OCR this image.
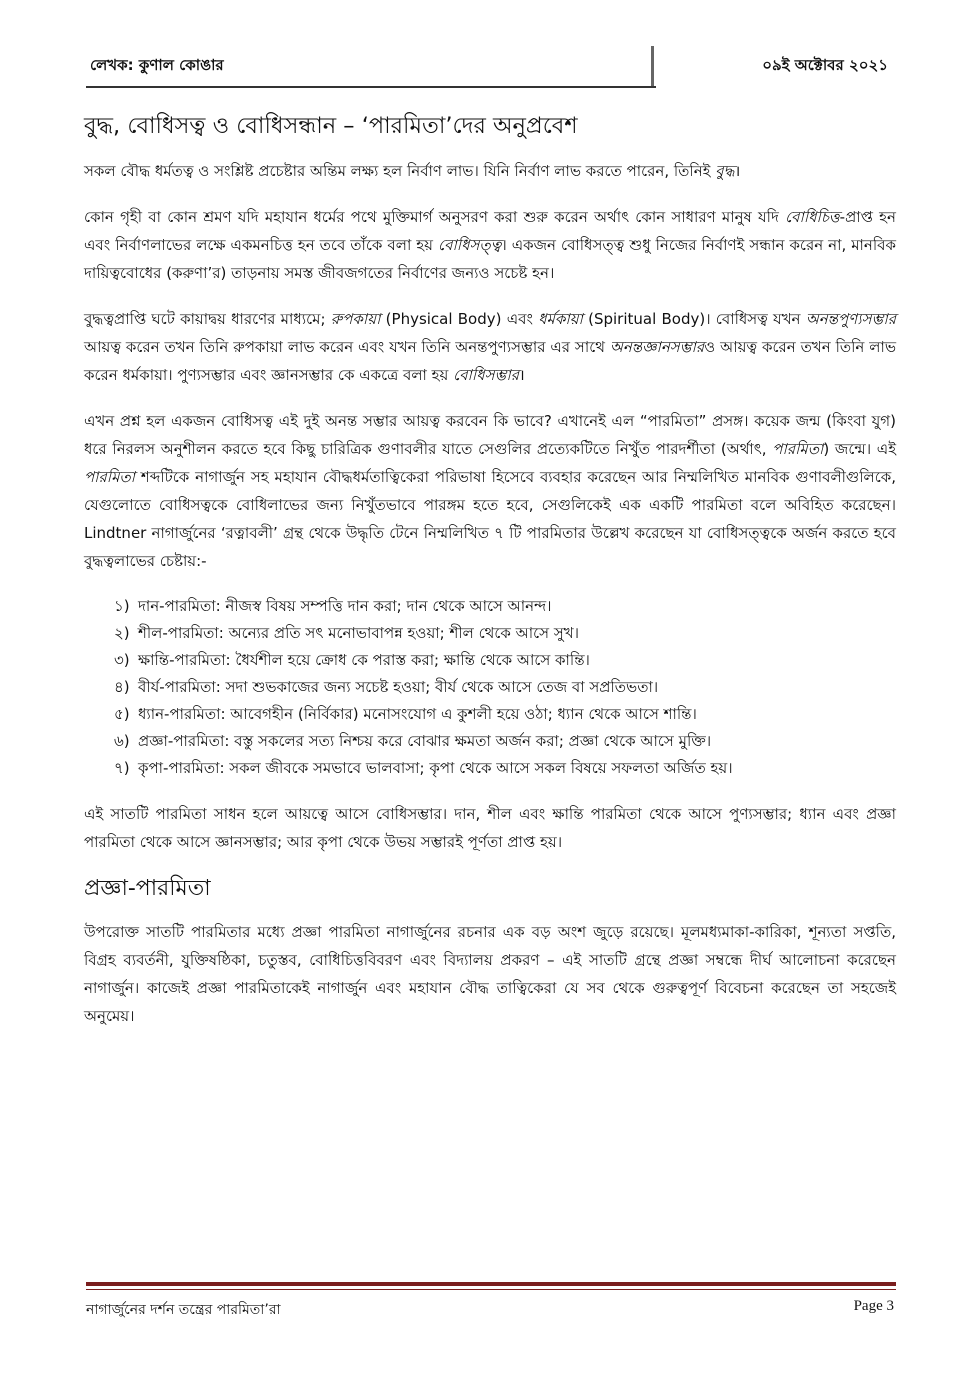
লেখক: কুণাল কোঙার	০৯ই অক্টোবর ২০২১
বুদ্ধ, বোধিসত্ব ও বোধিসন্ধান – ‘পারমিতা’দের অনুপ্রবেশ

সকল বৌদ্ধ ধর্মতত্ব ও সংশ্লিষ্ট প্রচেষ্টার অন্তিম লক্ষ্য হল নির্বাণ লাভ। যিনি নির্বাণ লাভ করতে পারেন, তিনিই বুদ্ধ।

কোন গৃহী বা কোন শ্রমণ যদি মহাযান ধর্মের পথে মুক্তিমার্গ অনুসরণ করা শুরু করেন অর্থাৎ কোন সাধারণ মানুষ যদি বোধিচিত্ত-প্রাপ্ত হন এবং নির্বাণলাভের লক্ষে একমনচিত্ত হন তবে তাঁকে বলা হয় বোধিসত্ত্ব। একজন বোধিসত্ত্ব শুধু নিজের নির্বাণই সন্ধান করেন না, মানবিক দায়িত্ববোধের (করুণা’র) তাড়নায় সমস্ত জীবজগতের নির্বাণের জন্যও সচেষ্ট হন।

বুদ্ধত্বপ্রাপ্তি ঘটে কায়াদ্বয় ধারণের মাধ্যমে; রুপকায়া (Physical Body) এবং ধর্মকায়া (Spiritual Body)। বোধিসত্ব যখন অনন্তপুণ্যসম্ভার আয়ত্ব করেন তখন তিনি রুপকায়া লাভ করেন এবং যখন তিনি অনন্তপুণ্যসম্ভার এর সাথে অনন্তজ্ঞানসম্ভারও আয়ত্ব করেন তখন তিনি লাভ করেন ধর্মকায়া। পুণ্যসম্ভার এবং জ্ঞানসম্ভার কে একত্রে বলা হয় বোধিসম্ভার।

এখন প্রশ্ন হল একজন বোধিসত্ব এই দুই অনন্ত সম্ভার আয়ত্ব করবেন কি ভাবে? এখানেই এল “পারমিতা” প্রসঙ্গ। কয়েক জন্ম (কিংবা যুগ) ধরে নিরলস অনুশীলন করতে হবে কিছু চারিত্রিক গুণাবলীর যাতে সেগুলির প্রত্যেকটিতে নিখুঁত পারদর্শীতা (অর্থাৎ, পারমিতা) জন্মে। এই পারমিতা শব্দটিকে নাগার্জুন সহ মহাযান বৌদ্ধধর্মতাত্বিকেরা পরিভাষা হিসেবে ব্যবহার করেছেন আর নিম্মলিখিত মানবিক গুণাবলীগুলিকে, যেগুলোতে বোধিসত্বকে বোধিলাভের জন্য নিখুঁতভাবে পারঙ্গম হতে হবে, সেগুলিকেই এক একটি পারমিতা বলে অবিহিত করেছেন। Lindtner নাগার্জুনের ‘রত্নাবলী’ গ্রন্থ থেকে উদ্ধৃতি টেনে নিম্মলিখিত ৭ টি পারমিতার উল্লেখ করেছেন যা বোধিসত্ত্বকে অর্জন করতে হবে বুদ্ধত্বলাভের চেষ্টায়:-

১) দান-পারমিতা: নীজস্ব বিষয় সম্পত্তি দান করা; দান থেকে আসে আনন্দ।
২) শীল-পারমিতা: অন্যের প্রতি সৎ মনোভাবাপন্ন হওয়া; শীল থেকে আসে সুখ।
৩) ক্ষান্তি-পারমিতা: ধৈর্যশীল হয়ে ক্রোধ কে পরাস্ত করা; ক্ষান্তি থেকে আসে কান্তি।
৪) বীর্য-পারমিতা: সদা শুভকাজের জন্য সচেষ্ট হওয়া; বীর্য থেকে আসে তেজ বা সপ্রতিভতা।
৫) ধ্যান-পারমিতা: আবেগহীন (নির্বিকার) মনোসংযোগ এ কুশলী হয়ে ওঠা; ধ্যান থেকে আসে শান্তি।
৬) প্রজ্ঞা-পারমিতা: বস্তু সকলের সত্য নিশ্চয় করে বোঝার ক্ষমতা অর্জন করা; প্রজ্ঞা থেকে আসে মুক্তি।
৭) কৃপা-পারমিতা: সকল জীবকে সমভাবে ভালবাসা; কৃপা থেকে আসে সকল বিষয়ে সফলতা অর্জিত হয়।

এই সাতটি পারমিতা সাধন হলে আয়ত্বে আসে বোধিসম্ভার। দান, শীল এবং ক্ষান্তি পারমিতা থেকে আসে পুণ্যসম্ভার; ধ্যান এবং প্রজ্ঞা পারমিতা থেকে আসে জ্ঞানসম্ভার; আর কৃপা থেকে উভয় সম্ভারই পূর্ণতা প্রাপ্ত হয়।

প্রজ্ঞা-পারমিতা

উপরোক্ত সাতটি পারমিতার মধ্যে প্রজ্ঞা পারমিতা নাগার্জুনের রচনার এক বড় অংশ জুড়ে রয়েছে। মূলমধ্যমাকা-কারিকা, শূন্যতা সপ্ততি, বিগ্রহ ব্যবর্তনী, যুক্তিষষ্ঠিকা, চতুস্তব, বোধিচিত্তবিবরণ এবং বিদ্যালয় প্রকরণ – এই সাতটি গ্রন্থে প্রজ্ঞা সম্বন্ধে দীর্ঘ আলোচনা করেছেন নাগার্জুন। কাজেই প্রজ্ঞা পারমিতাকেই নাগার্জুন এবং মহাযান বৌদ্ধ তাত্বিকেরা যে সব থেকে গুরুত্বপূর্ণ বিবেচনা করেছেন তা সহজেই অনুমেয়।

নাগার্জুনের দর্শন তন্ত্রের পারমিতা’রা	Page 3
